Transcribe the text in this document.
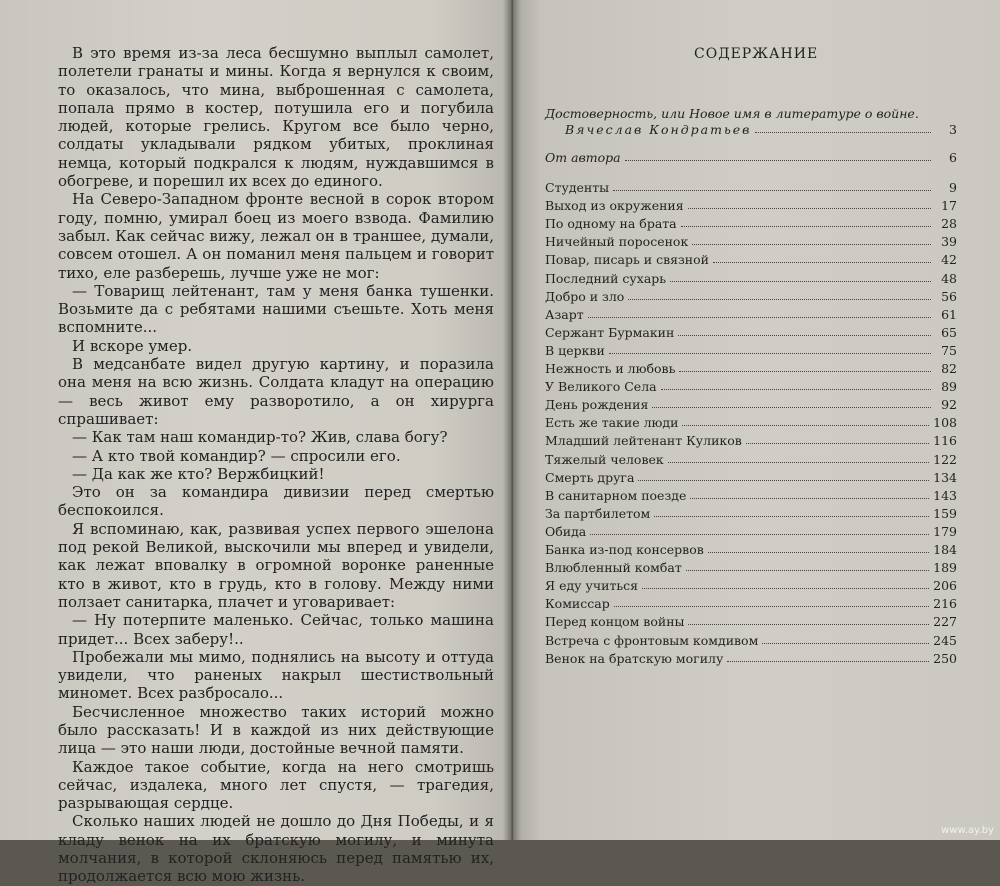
В это время из-за леса бесшумно выплыл самолет, полетели гранаты и мины. Когда я вернулся к своим, то оказалось, что мина, выброшенная с самолета, попала прямо в костер, потушила его и погубила людей, которые грелись. Кругом все было черно, солдаты укладывали рядком убитых, проклиная немца, который подкрался к людям, нуждавшимся в обогреве, и порешил их всех до единого.

На Северо-Западном фронте весной в сорок втором году, помню, умирал боец из моего взвода. Фамилию забыл. Как сейчас вижу, лежал он в траншее, думали, совсем отошел. А он поманил меня пальцем и говорит тихо, еле разберешь, лучше уже не мог:

— Товарищ лейтенант, там у меня банка тушенки. Возьмите да с ребятами нашими съешьте. Хоть меня вспомните...

И вскоре умер.

В медсанбате видел другую картину, и поразила она меня на всю жизнь. Солдата кладут на операцию — весь живот ему разворотило, а он хирурга спрашивает:

— Как там наш командир-то? Жив, слава богу?

— А кто твой командир? — спросили его.

— Да как же кто? Вержбицкий!

Это он за командира дивизии перед смертью беспокоился.

Я вспоминаю, как, развивая успех первого эшелона под рекой Великой, выскочили мы вперед и увидели, как лежат вповалку в огромной воронке раненные кто в живот, кто в грудь, кто в голову. Между ними ползает санитарка, плачет и уговаривает:

— Ну потерпите маленько. Сейчас, только машина придет... Всех заберу!..

Пробежали мы мимо, поднялись на высоту и оттуда увидели, что раненых накрыл шестиствольный миномет. Всех разбросало...

Бесчисленное множество таких историй можно было рассказать! И в каждой из них действующие лица — это наши люди, достойные вечной памяти.

Каждое такое событие, когда на него смотришь сейчас, издалека, много лет спустя, — трагедия, разрывающая сердце.

Сколько наших людей не дошло до Дня Победы, и я кладу венок на их братскую могилу, и минута молчания, в которой склоняюсь перед памятью их, продолжается всю мою жизнь.

СОДЕРЖАНИЕ
Достоверность, или Новое имя в литературе о войне.
Вячеслав Кондратьев	3
От автора	6
Студенты	9
Выход из окружения	17
По одному на брата	28
Ничейный поросенок	39
Повар, писарь и связной	42
Последний сухарь	48
Добро и зло	56
Азарт	61
Сержант Бурмакин	65
В церкви	75
Нежность и любовь	82
У Великого Села	89
День рождения	92
Есть же такие люди	108
Младший лейтенант Куликов	116
Тяжелый человек	122
Смерть друга	134
В санитарном поезде	143
За партбилетом	159
Обида	179
Банка из-под консервов	184
Влюбленный комбат	189
Я еду учиться	206
Комиссар	216
Перед концом войны	227
Встреча с фронтовым комдивом	245
Венок на братскую могилу	250
www.ay.by
